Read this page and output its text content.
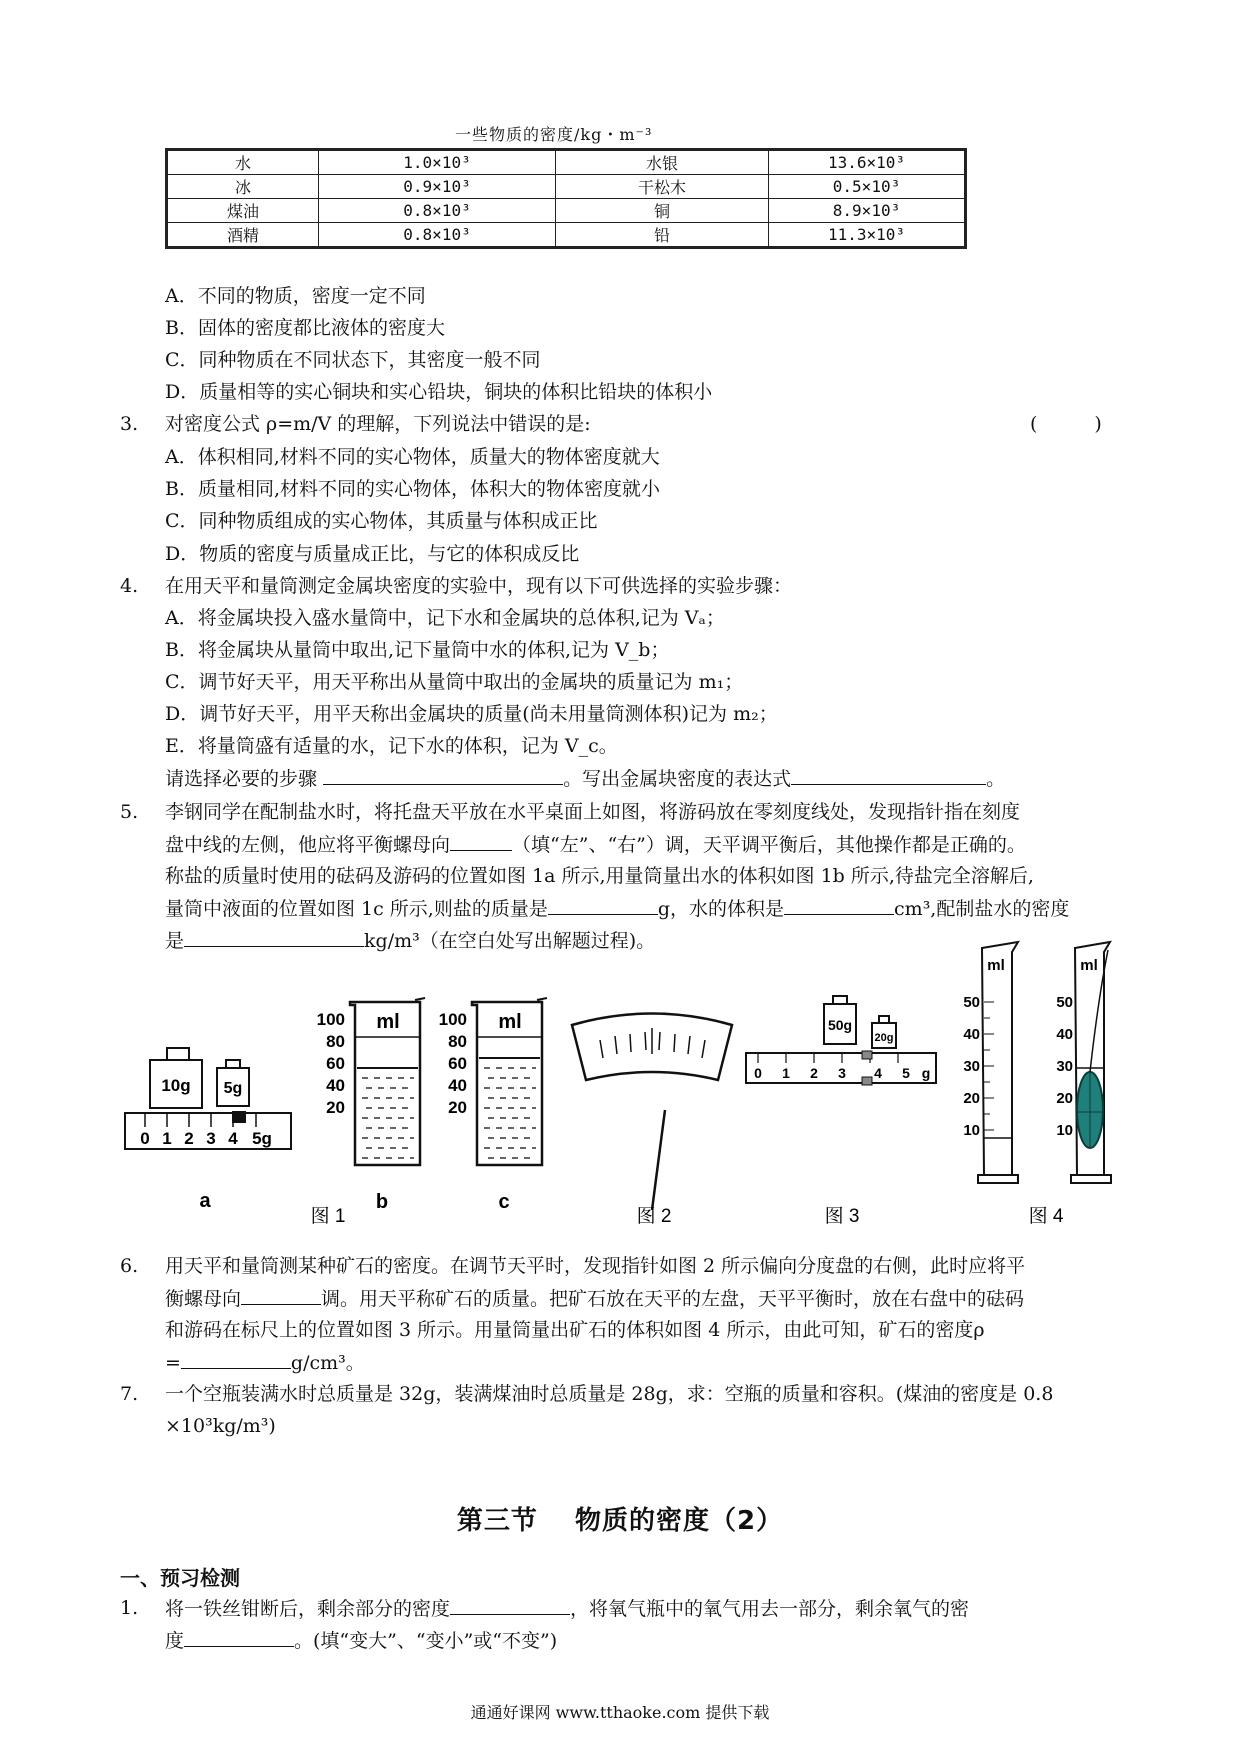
一些物质的密度/kg・m⁻³
水	1.0×10³	水银	13.6×10³
冰	0.9×10³	干松木	0.5×10³
煤油	0.8×10³	铜	8.9×10³
酒精	0.8×10³	铅	11.3×10³
A．不同的物质，密度一定不同
B．固体的密度都比液体的密度大
C．同种物质在不同状态下，其密度一般不同
D．质量相等的实心铜块和实心铅块，铜块的体积比铅块的体积小
3. 对密度公式 ρ=m/V 的理解，下列说法中错误的是:	(　　　)
A．体积相同,材料不同的实心物体，质量大的物体密度就大
B．质量相同,材料不同的实心物体，体积大的物体密度就小
C．同种物质组成的实心物体，其质量与体积成正比
D．物质的密度与质量成正比，与它的体积成反比
4. 在用天平和量筒测定金属块密度的实验中，现有以下可供选择的实验步骤：
A．将金属块投入盛水量筒中，记下水和金属块的总体积,记为 Vₐ；
B．将金属块从量筒中取出,记下量筒中水的体积,记为 V_b；
C．调节好天平，用天平称出从量筒中取出的金属块的质量记为 m₁；
D．调节好天平，用平天称出金属块的质量(尚未用量筒测体积)记为 m₂；
E．将量筒盛有适量的水，记下水的体积，记为 V_c。
请选择必要的步骤	。写出金属块密度的表达式	。
5. 李钢同学在配制盐水时，将托盘天平放在水平桌面上如图，将游码放在零刻度线处，发现指针指在刻度
盘中线的左侧，他应将平衡螺母向	（填“左”、“右”）调，天平调平衡后，其他操作都是正确的。
称盐的质量时使用的砝码及游码的位置如图 1a 所示,用量筒量出水的体积如图 1b 所示,待盐完全溶解后,
量筒中液面的位置如图 1c 所示,则盐的质量是	g，水的体积是	cm³,配制盐水的密度
是	kg/m³（在空白处写出解题过程)。
10g 5g
0 1 2 3 4 5g
a
100
80
60
40
20
ml
b
100
80
60
40
20
ml
c
图 1	图 2
50g
20g
0 1 2 3 4 5 g
图 3
ml
50
40
30
20
10
ml
50
40
30
20
10
图 4
6. 用天平和量筒测某种矿石的密度。在调节天平时，发现指针如图 2 所示偏向分度盘的右侧，此时应将平
衡螺母向	调。用天平称矿石的质量。把矿石放在天平的左盘，天平平衡时，放在右盘中的砝码
和游码在标尺上的位置如图 3 所示。用量筒量出矿石的体积如图 4 所示，由此可知，矿石的密度ρ
=	g/cm³。
7. 一个空瓶装满水时总质量是 32g，装满煤油时总质量是 28g，求：空瓶的质量和容积。(煤油的密度是 0.8
×10³kg/m³)
第三节　 物质的密度（2）
一、预习检测
1. 将一铁丝钳断后，剩余部分的密度	，将氧气瓶中的氧气用去一部分，剩余氧气的密
度	。(填“变大”、“变小”或“不变”)
通通好课网 www.tthaoke.com 提供下载
